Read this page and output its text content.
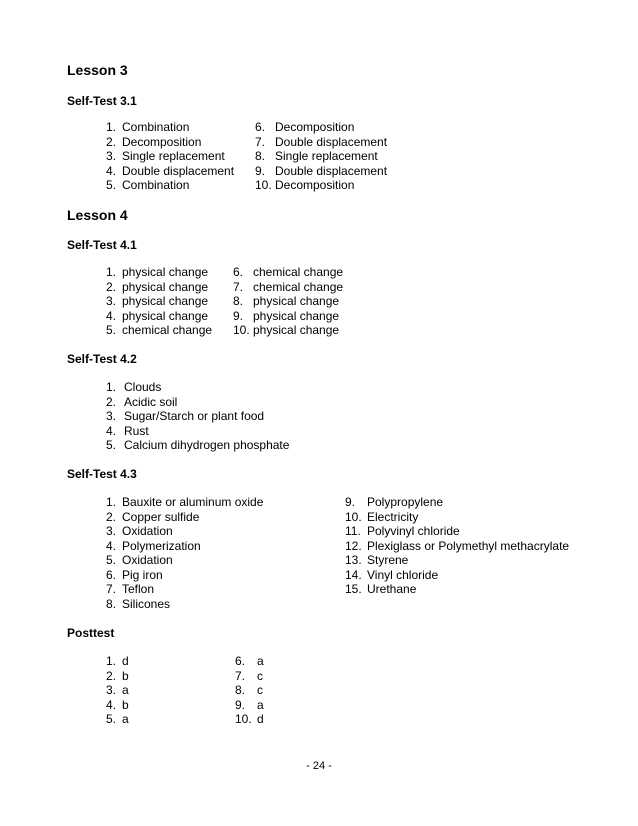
Lesson 3
Self-Test 3.1
Lesson 4
Self-Test 4.1
Self-Test 4.2
Self-Test 4.3
Posttest
- 24 -
1. Combination
2. Decomposition
3. Single replacement
4. Double displacement
5. Combination
6. Decomposition
7. Double displacement
8. Single replacement
9. Double displacement
10. Decomposition
1. physical change
2. physical change
3. physical change
4. physical change
5. chemical change
6. chemical change
7. chemical change
8. physical change
9. physical change
10. physical change
1. Clouds
2. Acidic soil
3. Sugar/Starch or plant food
4. Rust
5. Calcium dihydrogen phosphate
1. Bauxite or aluminum oxide
2. Copper sulfide
3. Oxidation
4. Polymerization
5. Oxidation
6. Pig iron
7. Teflon
8. Silicones
9. Polypropylene
10. Electricity
11. Polyvinyl chloride
12. Plexiglass or Polymethyl methacrylate
13. Styrene
14. Vinyl chloride
15. Urethane
1. d
2. b
3. a
4. b
5. a
6. a
7. c
8. c
9. a
10. d
